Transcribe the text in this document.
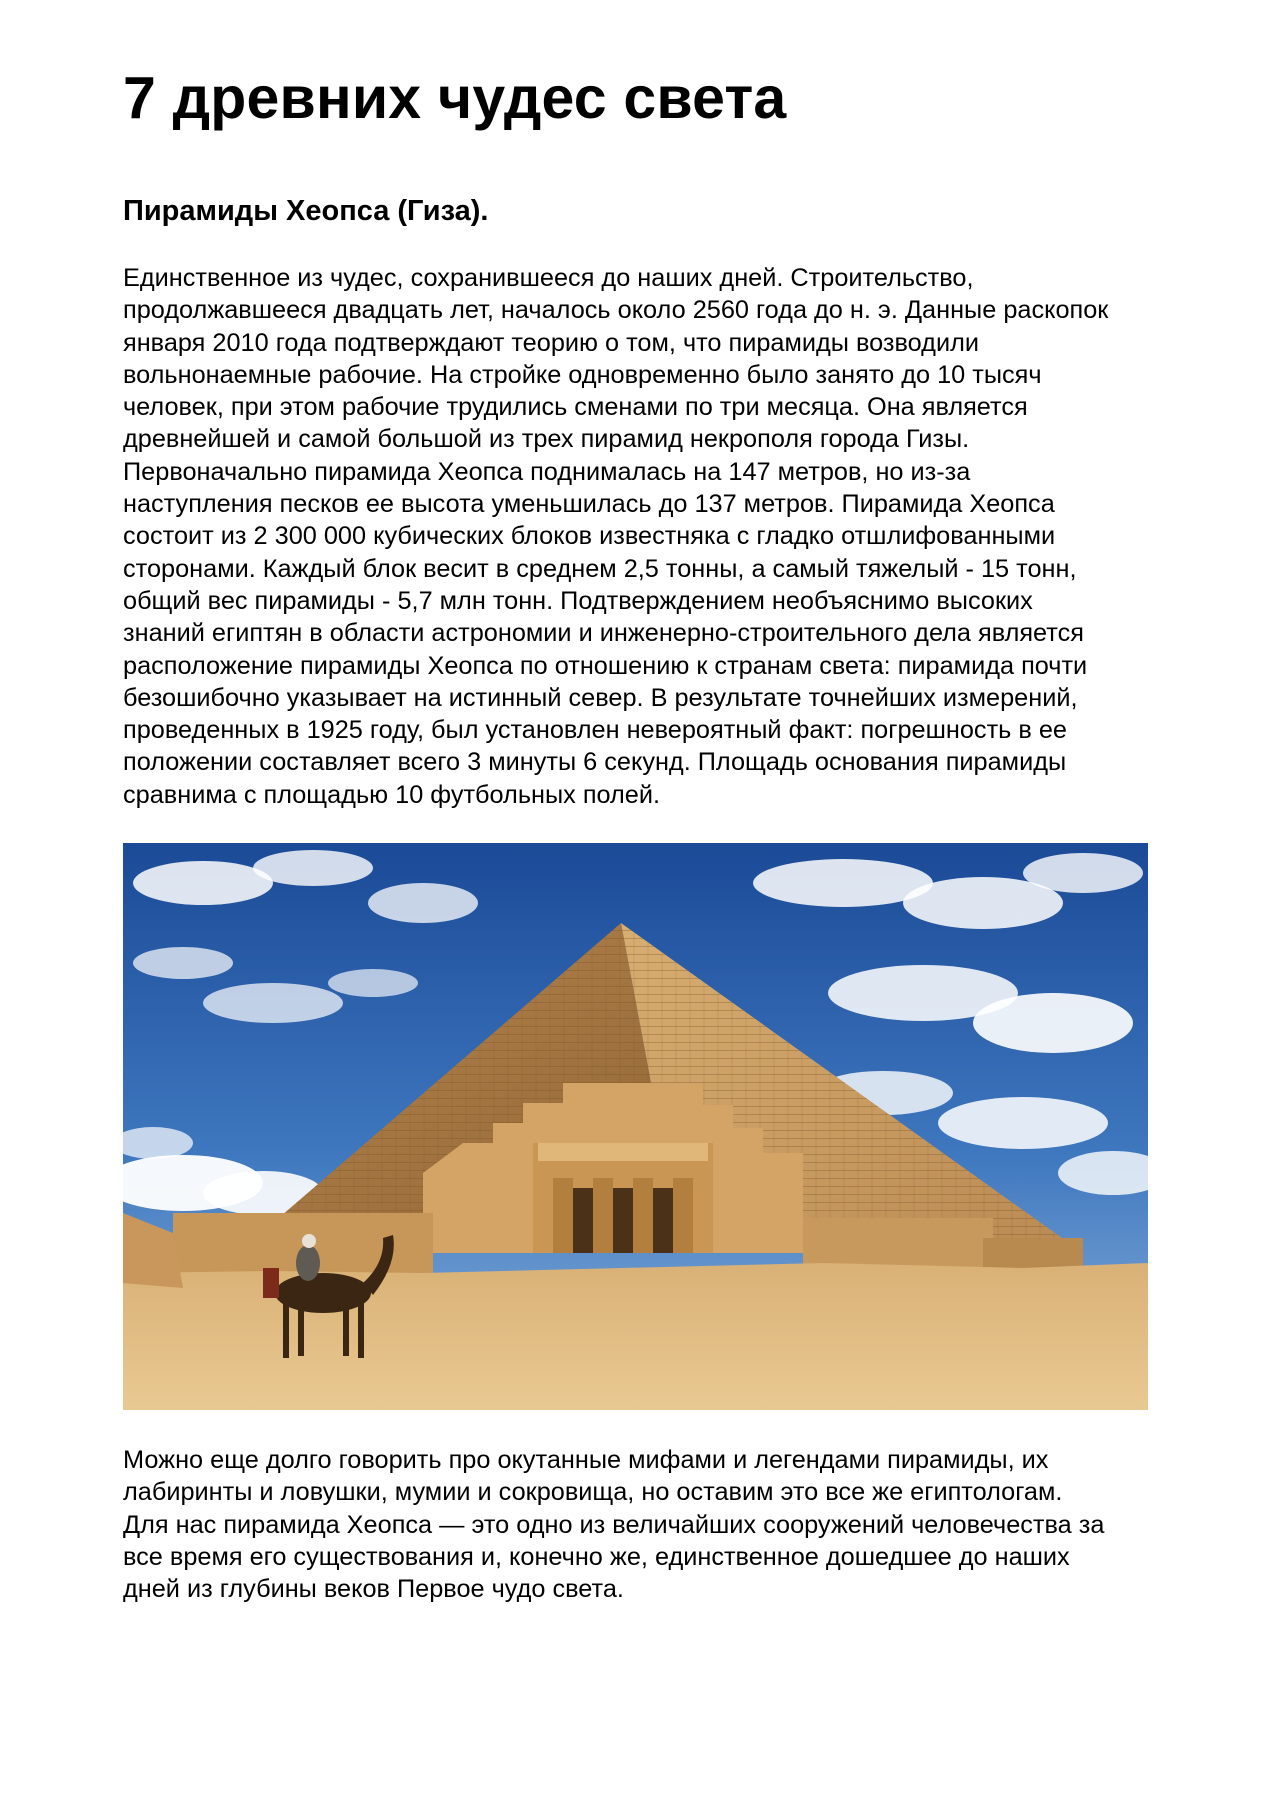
7 древних чудес света
Пирамиды Хеопса (Гиза).
Единственное из чудес, сохранившееся до наших дней. Строительство,
продолжавшееся двадцать лет, началось около 2560 года до н. э. Данные раскопок
января 2010 года подтверждают теорию о том, что пирамиды возводили
вольнонаемные рабочие. На стройке одновременно было занято до 10 тысяч
человек, при этом рабочие трудились сменами по три месяца. Она является
древнейшей и самой большой из трех пирамид некрополя города Гизы.
Первоначально пирамида Хеопса поднималась на 147 метров, но из-за
наступления песков ее высота уменьшилась до 137 метров. Пирамида Хеопса
состоит из 2 300 000 кубических блоков известняка с гладко отшлифованными
сторонами. Каждый блок весит в среднем 2,5 тонны, а самый тяжелый - 15 тонн,
общий вес пирамиды - 5,7 млн тонн. Подтверждением необъяснимо высоких
знаний египтян в области астрономии и инженерно-строительного дела является
расположение пирамиды Хеопса по отношению к странам света: пирамида почти
безошибочно указывает на истинный север. В результате точнейших измерений,
проведенных в 1925 году, был установлен невероятный факт: погрешность в ее
положении составляет всего 3 минуты 6 секунд. Площадь основания пирамиды
сравнима с площадью 10 футбольных полей.
Можно еще долго говорить про окутанные мифами и легендами пирамиды, их
лабиринты и ловушки, мумии и сокровища, но оставим это все же египтологам.
Для нас пирамида Хеопса — это одно из величайших сооружений человечества за
все время его существования и, конечно же, единственное дошедшее до наших
дней из глубины веков Первое чудо света.
